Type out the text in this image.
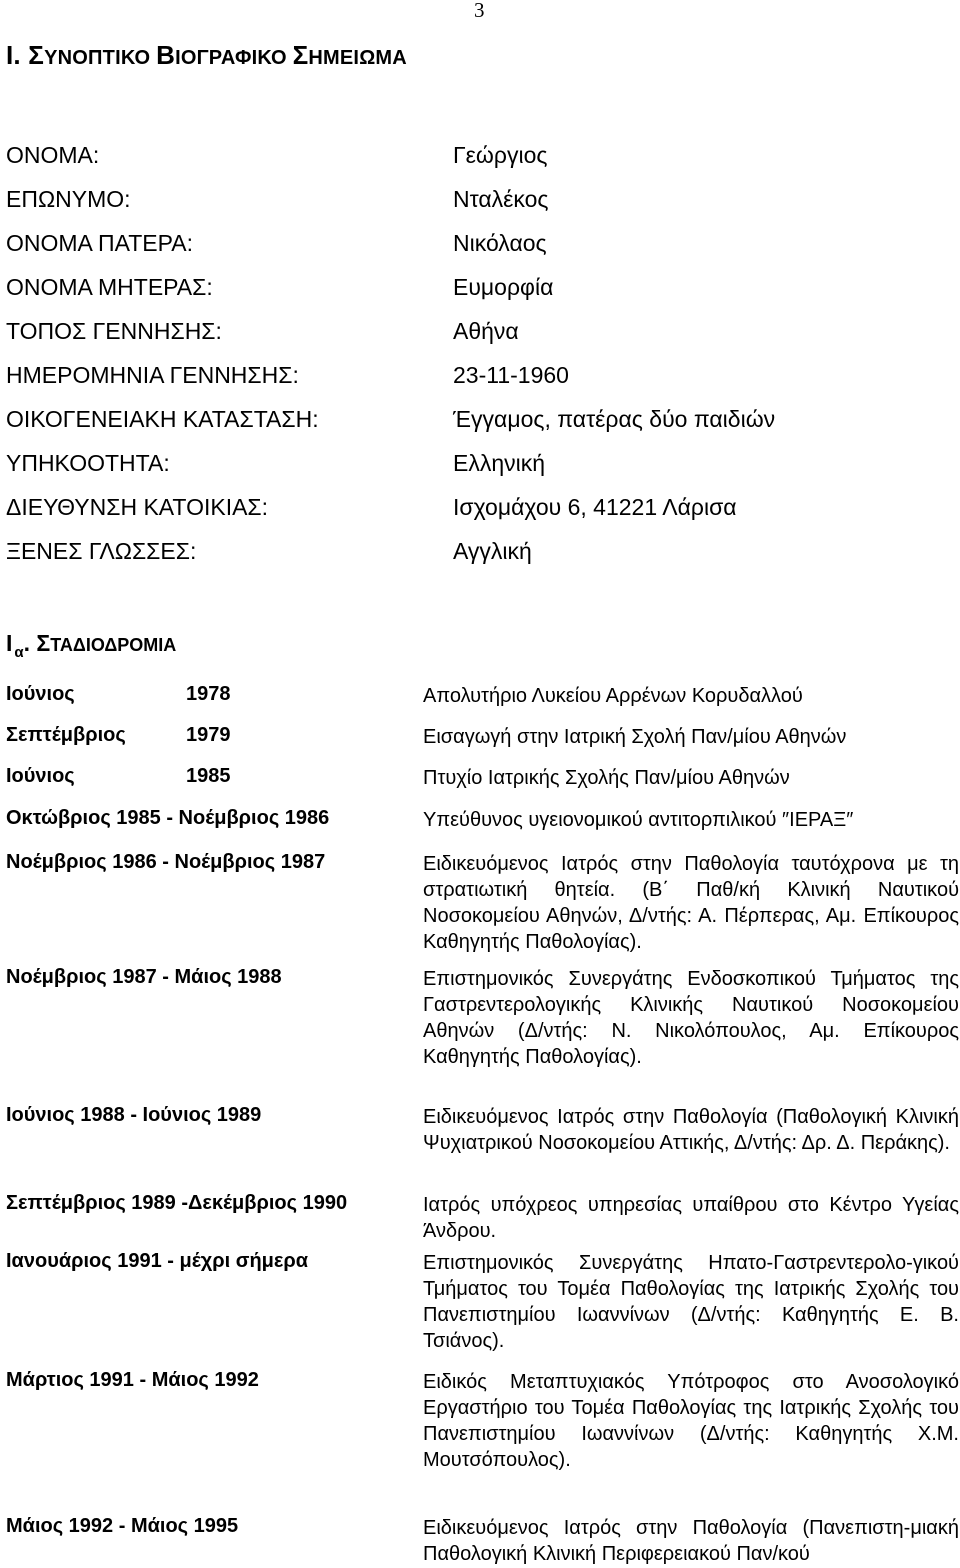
3
I. ΣΥΝΟΠΤΙΚΟ ΒΙΟΓΡΑΦΙΚΟ ΣΗΜΕΙΩΜΑ
ΟΝΟΜΑ:	Γεώργιος
ΕΠΩΝΥΜΟ:	Νταλέκος
ΟΝΟΜΑ ΠΑΤΕΡΑ:	Νικόλαος
ΟΝΟΜΑ ΜΗΤΕΡΑΣ:	Ευμορφία
ΤΟΠΟΣ ΓΕΝΝΗΣΗΣ:	Αθήνα
ΗΜΕΡΟΜΗΝΙΑ ΓΕΝΝΗΣΗΣ:	23-11-1960
ΟΙΚΟΓΕΝΕΙΑΚΗ ΚΑΤΑΣΤΑΣΗ:	Έγγαμος, πατέρας δύο παιδιών
ΥΠΗΚΟΟΤΗΤΑ:	Ελληνική
ΔΙΕΥΘΥΝΣΗ ΚΑΤΟΙΚΙΑΣ:	Ισχομάχου 6, 41221 Λάρισα
ΞΕΝΕΣ ΓΛΩΣΣΕΣ:	Αγγλική
I $_\alpha$. ΣΤΑΔΙΟΔΡΟΜΙΑ
Ιούνιος	1978	Απολυτήριο Λυκείου Αρρένων Κορυδαλλού
Σεπτέμβριος	1979	Εισαγωγή στην Ιατρική Σχολή Παν/μίου Αθηνών
Ιούνιος	1985	Πτυχίο Ιατρικής Σχολής Παν/μίου Αθηνών
Οκτώβριος 1985 - Νοέμβριος 1986	Υπεύθυνος υγειονομικού αντιτορπιλικού ″ΙΕΡΑΞ″
Νοέμβριος 1986 - Νοέμβριος 1987	Ειδικευόμενος Ιατρός στην Παθολογία ταυτόχρονα με τη στρατιωτική θητεία. (Β΄ Παθ/κή Κλινική Ναυτικού Νοσοκομείου Αθηνών, Δ/ντής: Α. Πέρπερας, Αμ. Επίκουρος Καθηγητής Παθολογίας).
Νοέμβριος 1987 - Μάιος 1988	Επιστημονικός Συνεργάτης Ενδοσκοπικού Τμήματος της Γαστρεντερολογικής Κλινικής Ναυτικού Νοσοκομείου Αθηνών (Δ/ντής: Ν. Νικολόπουλος, Αμ. Επίκουρος Καθηγητής Παθολογίας).
Ιούνιος 1988 - Ιούνιος 1989	Ειδικευόμενος Ιατρός στην Παθολογία (Παθολογική Κλινική Ψυχιατρικού Νοσοκομείου Αττικής, Δ/ντής: Δρ. Δ. Περάκης).
Σεπτέμβριος 1989 -Δεκέμβριος 1990	Ιατρός υπόχρεος υπηρεσίας υπαίθρου στο Κέντρο Υγείας Άνδρου.
Ιανουάριος 1991 - μέχρι σήμερα	Επιστημονικός Συνεργάτης Ηπατο-Γαστρεντερολο-γικού Τμήματος του Τομέα Παθολογίας της Ιατρικής Σχολής του Πανεπιστημίου Ιωαννίνων (Δ/ντής: Καθηγητής Ε. Β. Τσιάνος).
Μάρτιος 1991 - Μάιος 1992	Ειδικός Μεταπτυχιακός Υπότροφος στο Ανοσολογικό Εργαστήριο του Τομέα Παθολογίας της Ιατρικής Σχολής του Πανεπιστημίου Ιωαννίνων (Δ/ντής: Καθηγητής Χ.Μ. Μουτσόπουλος).
Μάιος 1992 - Μάιος 1995	Ειδικευόμενος Ιατρός στην Παθολογία (Πανεπιστη-μιακή Παθολογική Κλινική Περιφερειακού Παν/κού
